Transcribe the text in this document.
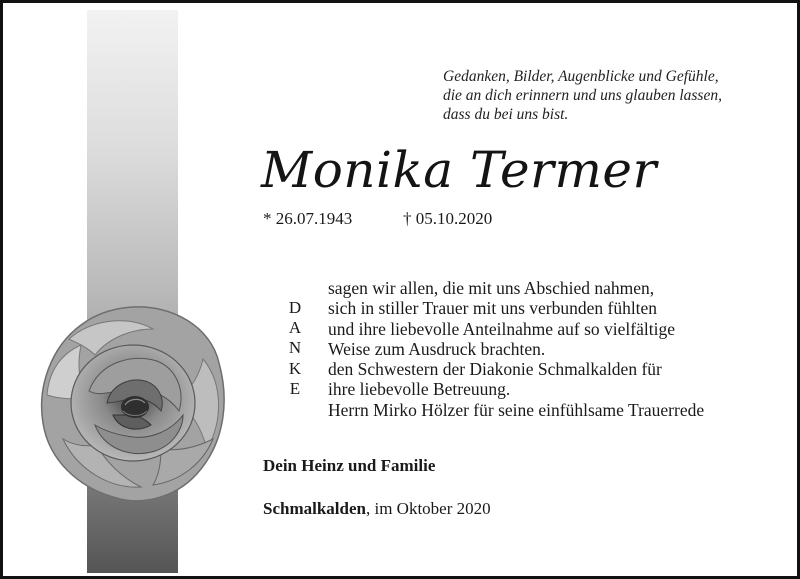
Gedanken, Bilder, Augenblicke und Gefühle,
die an dich erinnern und uns glauben lassen,
dass du bei uns bist.
Monika Termer
* 26.07.1943	† 05.10.2020
D
A
N
K
E
sagen wir allen, die mit uns Abschied nahmen,
sich in stiller Trauer mit uns verbunden fühlten
und ihre liebevolle Anteilnahme auf so vielfältige
Weise zum Ausdruck brachten.
den Schwestern der Diakonie Schmalkalden für
ihre liebevolle Betreuung.
Herrn Mirko Hölzer für seine einfühlsame Trauerrede
Dein Heinz und Familie
Schmalkalden, im Oktober 2020
